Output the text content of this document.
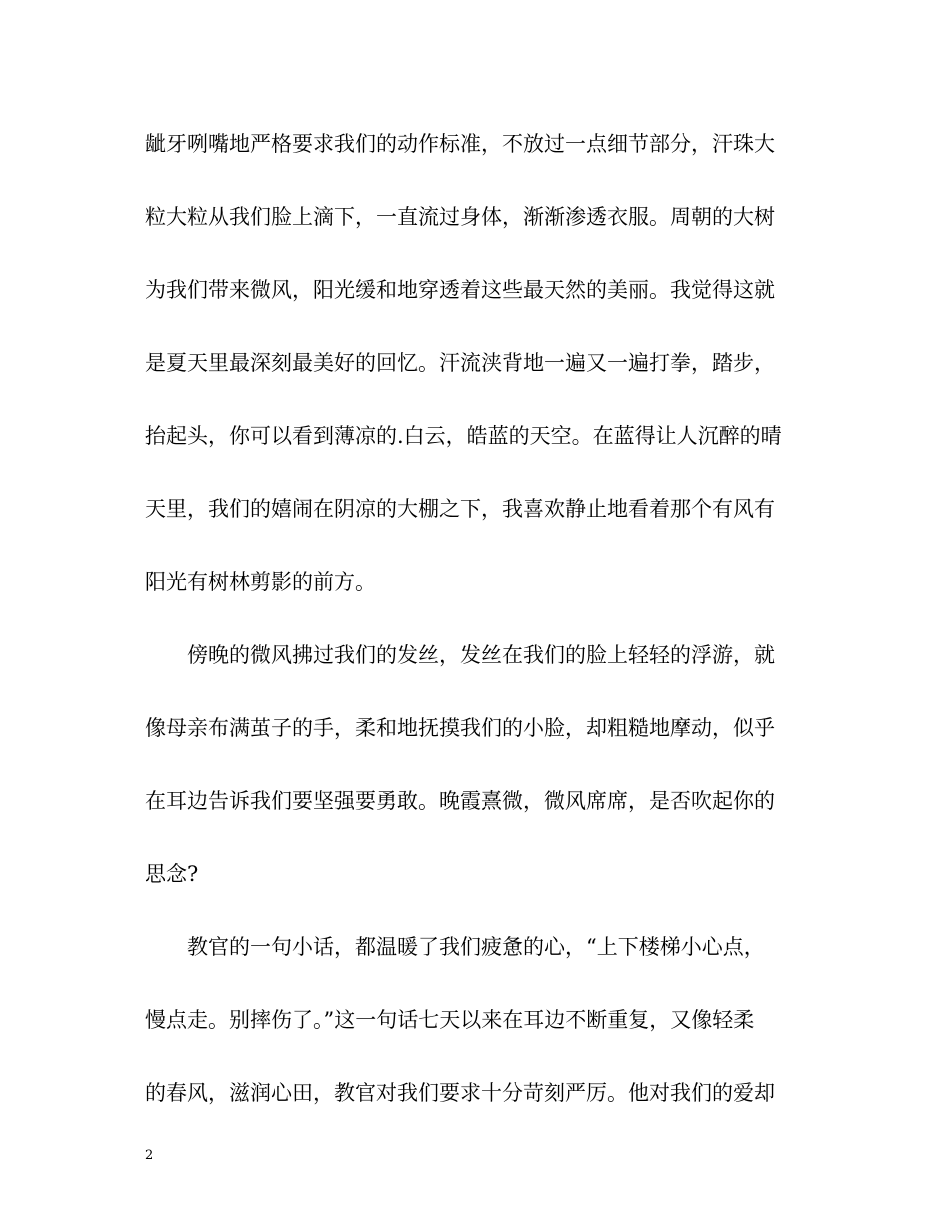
龇牙咧嘴地严格要求我们的动作标准，不放过一点细节部分，汗珠大
粒大粒从我们脸上滴下，一直流过身体，渐渐渗透衣服。周朝的大树
为我们带来微风，阳光缓和地穿透着这些最天然的美丽。我觉得这就
是夏天里最深刻最美好的回忆。汗流浃背地一遍又一遍打拳，踏步，
抬起头，你可以看到薄凉的.白云，皓蓝的天空。在蓝得让人沉醉的晴
天里，我们的嬉闹在阴凉的大棚之下，我喜欢静止地看着那个有风有
阳光有树林剪影的前方。
　　傍晚的微风拂过我们的发丝，发丝在我们的脸上轻轻的浮游，就
像母亲布满茧子的手，柔和地抚摸我们的小脸，却粗糙地摩动，似乎
在耳边告诉我们要坚强要勇敢。晚霞熹微，微风席席，是否吹起你的
思念?
　　教官的一句小话，都温暖了我们疲惫的心，“上下楼梯小心点，
慢点走。别摔伤了。”这一句话七天以来在耳边不断重复，又像轻柔
的春风，滋润心田，教官对我们要求十分苛刻严厉。他对我们的爱却
2
